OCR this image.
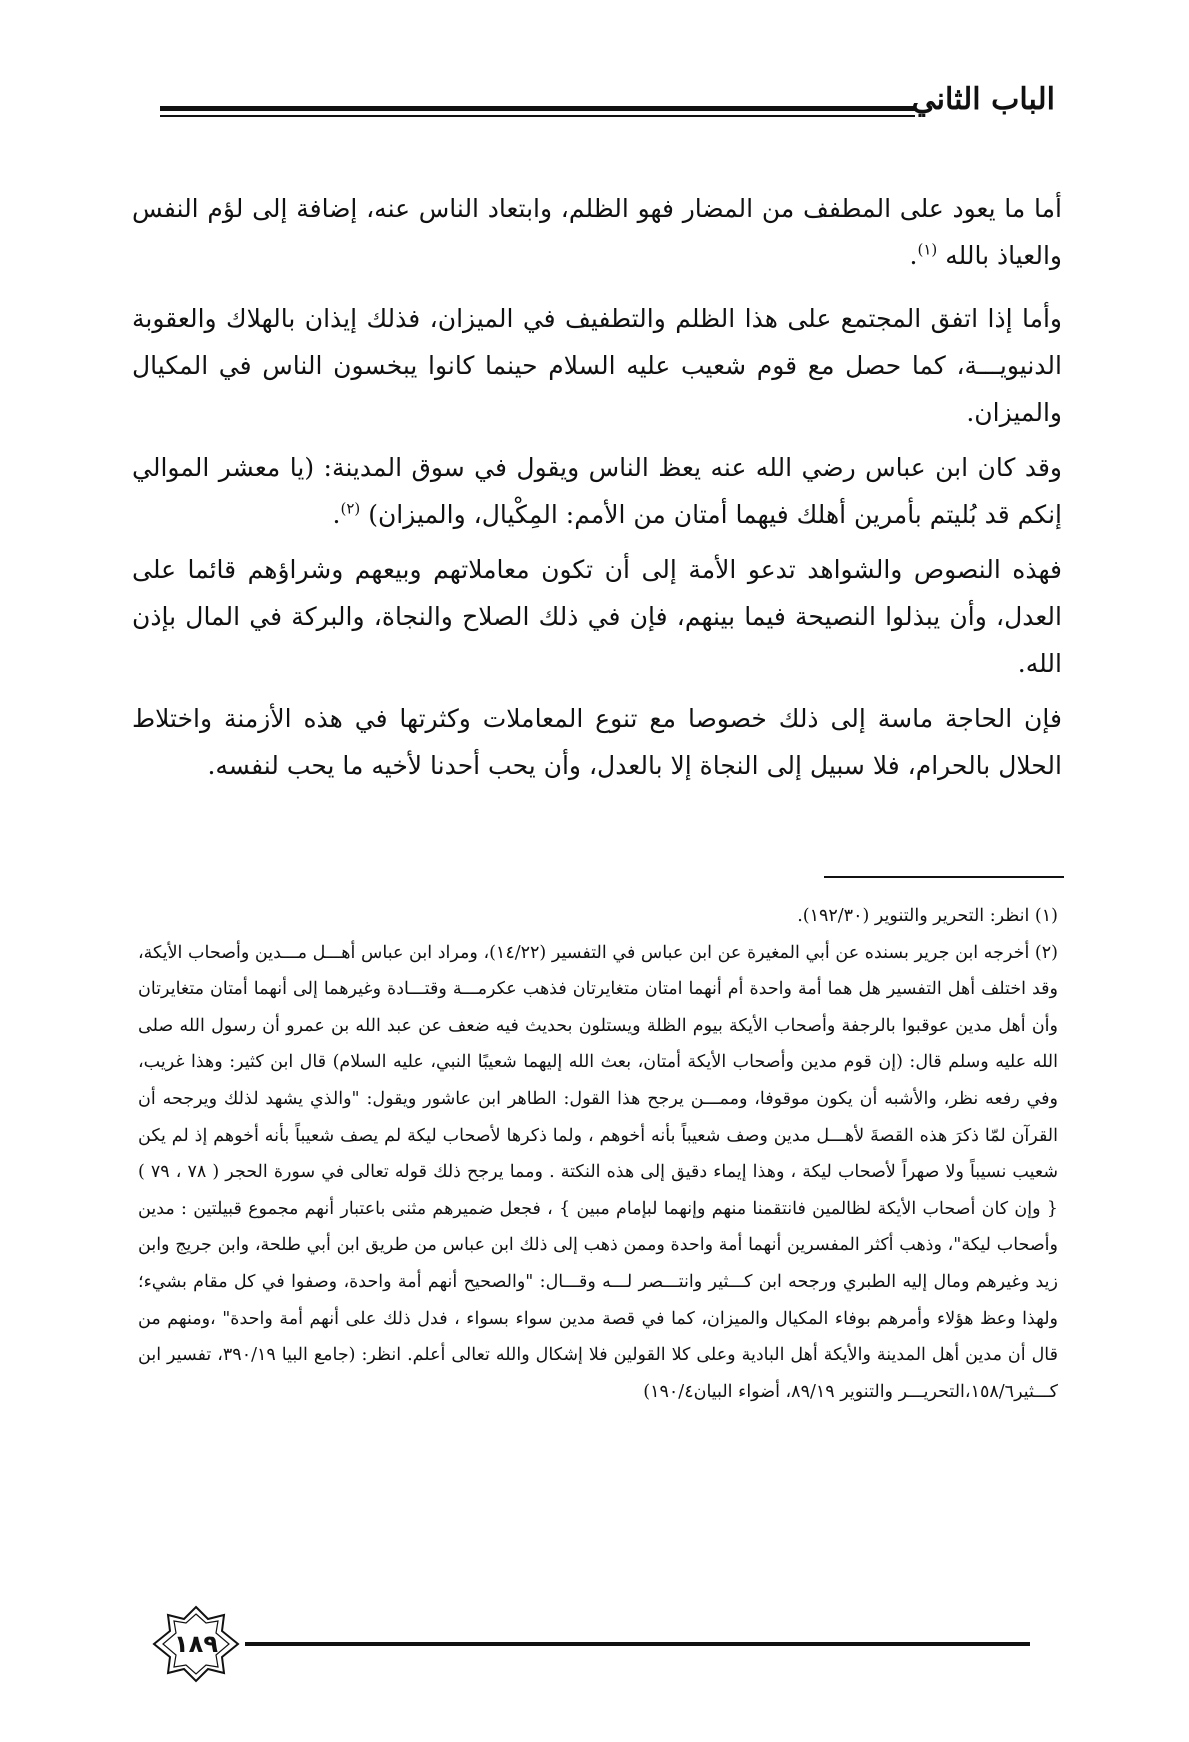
الباب الثاني

أما ما يعود على المطفف من المضار فهو الظلم، وابتعاد الناس عنه، إضافة إلى لؤم النفس والعياذ بالله $^{(١)}$.

وأما إذا اتفق المجتمع على هذا الظلم والتطفيف في الميزان، فذلك إيذان بالهلاك والعقوبة الدنيويـــة، كما حصل مع قوم شعيب عليه السلام حينما كانوا يبخسون الناس في المكيال والميزان.

وقد كان ابن عباس رضي الله عنه يعظ الناس ويقول في سوق المدينة: (يا معشر الموالي إنكم قد بُليتم بأمرين أهلك فيهما أمتان من الأمم: المِكْيال، والميزان) $^{(٢)}$.

فهذه النصوص والشواهد تدعو الأمة إلى أن تكون معاملاتهم وبيعهم وشراؤهم قائما على العدل، وأن يبذلوا النصيحة فيما بينهم، فإن في ذلك الصلاح والنجاة، والبركة في المال بإذن الله.

فإن الحاجة ماسة إلى ذلك خصوصا مع تنوع المعاملات وكثرتها في هذه الأزمنة واختلاط الحلال بالحرام، فلا سبيل إلى النجاة إلا بالعدل، وأن يحب أحدنا لأخيه ما يحب لنفسه.

(١) انظر: التحرير والتنوير (١٩٢/٣٠).

(٢) أخرجه ابن جرير بسنده عن أبي المغيرة عن ابن عباس في التفسير (١٤/٢٢)، ومراد ابن عباس أهـــل مـــدين وأصحاب الأيكة، وقد اختلف أهل التفسير هل هما أمة واحدة أم أنهما امتان متغايرتان فذهب عكرمـــة وقتـــادة وغيرهما إلى أنهما أمتان متغايرتان وأن أهل مدين عوقبوا بالرجفة وأصحاب الأيكة بيوم الظلة ويستلون بحديث فيه ضعف عن عبد الله بن عمرو أن رسول الله صلى الله عليه وسلم قال: (إن قوم مدين وأصحاب الأيكة أمتان، بعث الله إليهما شعيبًا النبي، عليه السلام) قال ابن كثير: وهذا غريب، وفي رفعه نظر، والأشبه أن يكون موقوفا، وممـــن يرجح هذا القول: الطاهر ابن عاشور ويقول: "والذي يشهد لذلك ويرجحه أن القرآن لمّا ذكرَ هذه القصةَ لأهـــل مدين وصف شعيباً بأنه أخوهم ، ولما ذكرها لأصحاب ليكة لم يصف شعيباً بأنه أخوهم إذ لم يكن شعيب نسيباً ولا صهراً لأصحاب ليكة ، وهذا إيماء دقيق إلى هذه النكتة . ومما يرجح ذلك قوله تعالى في سورة الحجر ( ٧٨ ، ٧٩ ) { وإن كان أصحاب الأيكة لظالمين فانتقمنا منهم وإنهما لبإمام مبين } ، فجعل ضميرهم مثنى باعتبار أنهم مجموع قبيلتين : مدين وأصحاب ليكة"، وذهب أكثر المفسرين أنهما أمة واحدة وممن ذهب إلى ذلك ابن عباس من طريق ابن أبي طلحة، وابن جريج وابن زيد وغيرهم ومال إليه الطبري ورجحه ابن كـــثير وانتـــصر لـــه وقـــال: "والصحيح أنهم أمة واحدة، وصفوا في كل مقام بشيء؛ ولهذا وعظ هؤلاء وأمرهم بوفاء المكيال والميزان، كما في قصة مدين سواء بسواء ، فدل ذلك على أنهم أمة واحدة" ،ومنهم من قال أن مدين أهل المدينة والأيكة أهل البادية وعلى كلا القولين فلا إشكال والله تعالى أعلم. انظر: (جامع البيا ٣٩٠/١٩، تفسير ابن كـــثير١٥٨/٦،التحريـــر والتنوير ٨٩/١٩، أضواء البيان١٩٠/٤)

١٨٩
